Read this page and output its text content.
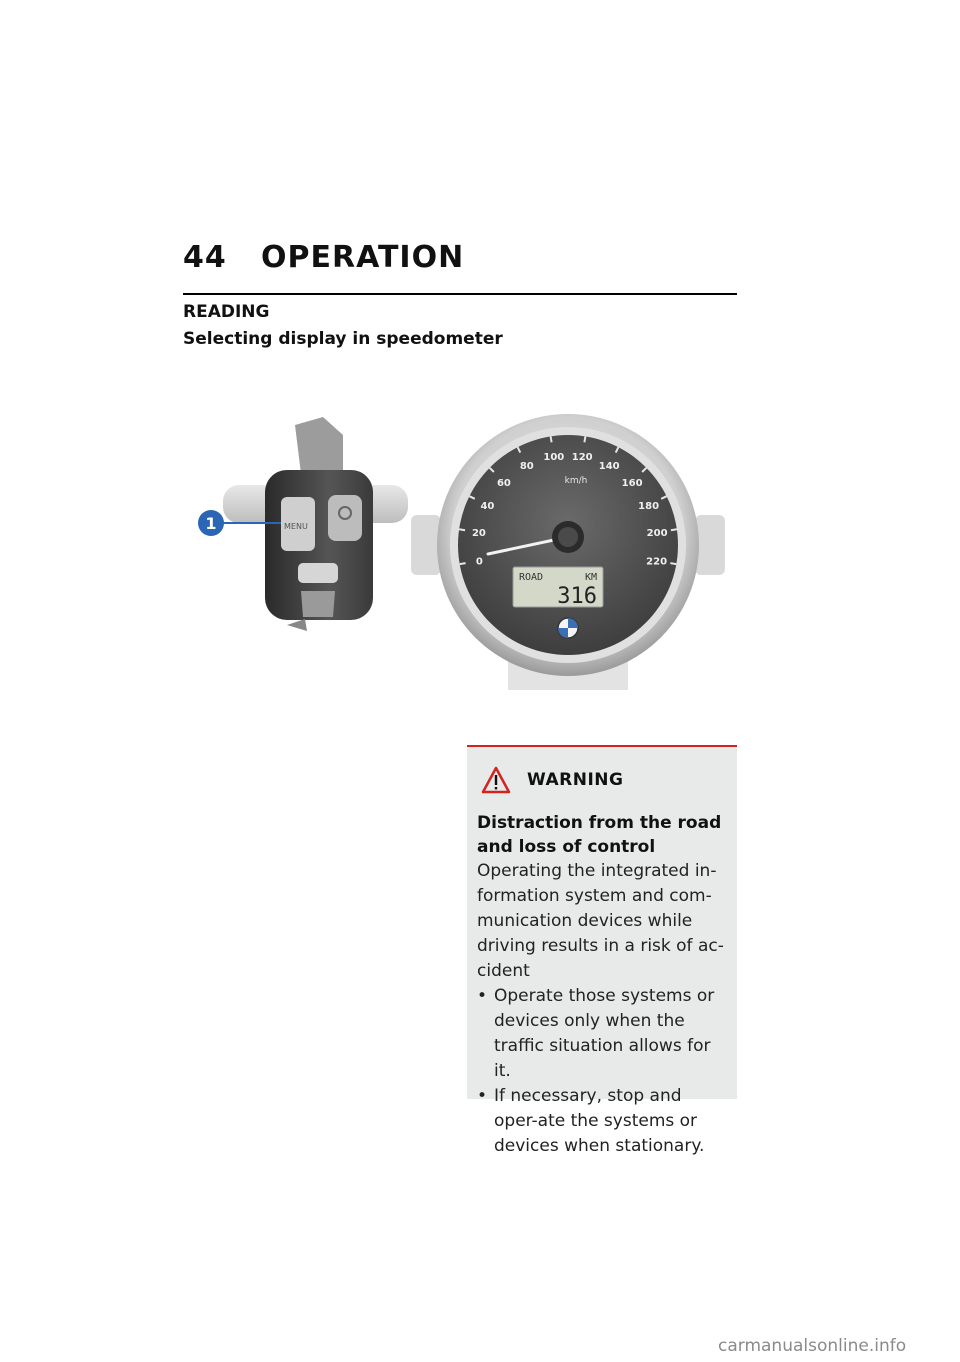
44 OPERATION
READING
Selecting display in speedometer
MENU
1
0
20
40
60
80
100 120
140
160
180
200
220
km/h
ROAD	KM
316
WARNING
Distraction from the road and loss of control
Operating the integrated in-formation system and com-munication devices while driving results in a risk of ac-cident
• Operate those systems or devices only when the traffic situation allows for it.
• If necessary, stop and oper-ate the systems or devices when stationary.
carmanualsonline.info
